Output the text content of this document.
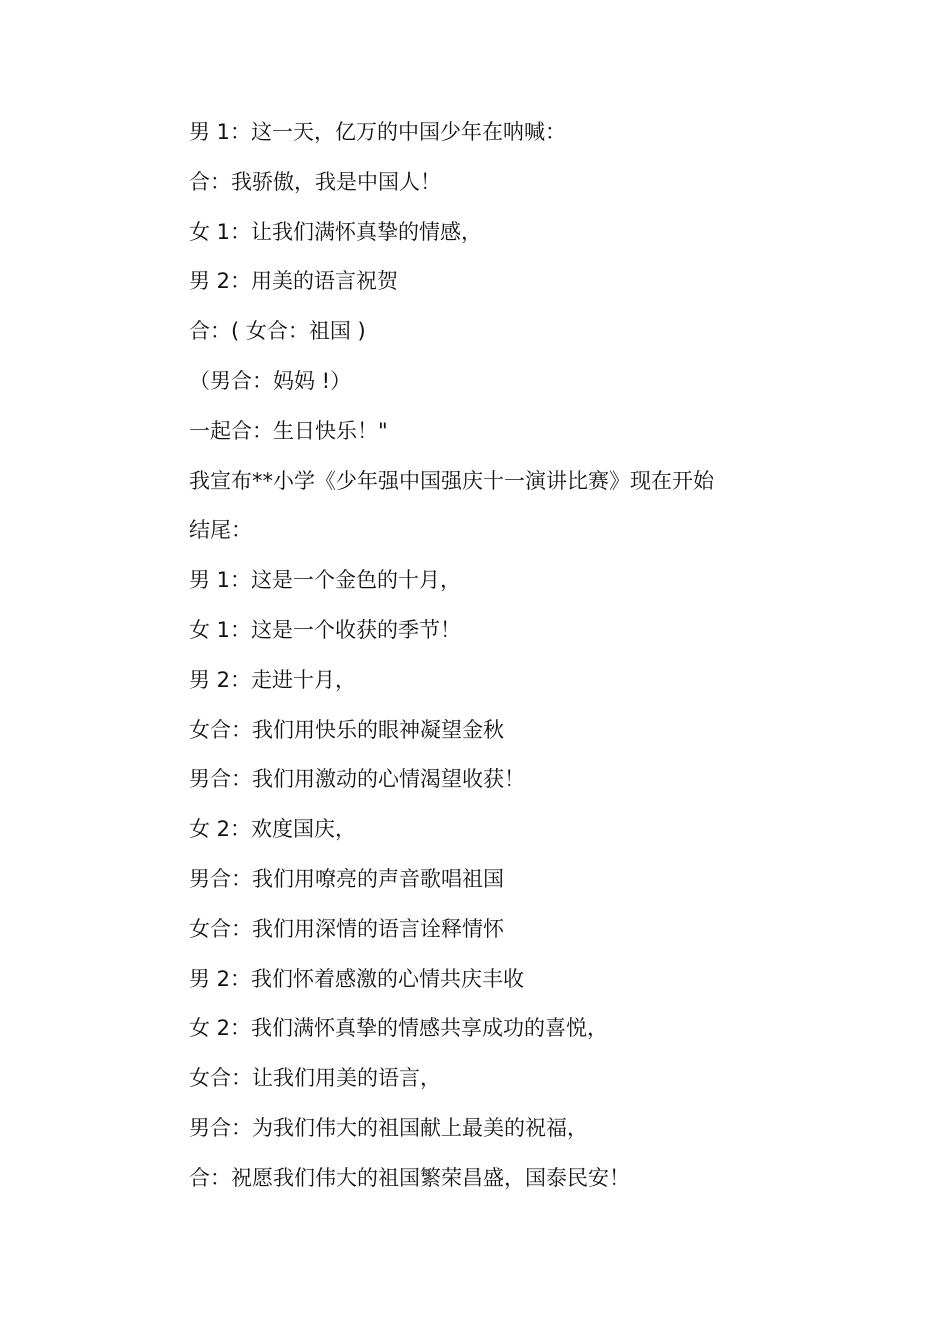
男 1：这一天，亿万的中国少年在呐喊：
合：我骄傲，我是中国人！
女 1：让我们满怀真挚的情感，
男 2：用美的语言祝贺
合：( 女合：祖国 )
（男合：妈妈 !）
一起合：生日快乐！"
我宣布**小学《少年强中国强庆十一演讲比赛》现在开始
结尾：
男 1：这是一个金色的十月，
女 1：这是一个收获的季节！
男 2：走进十月，
女合：我们用快乐的眼神凝望金秋
男合：我们用激动的心情渴望收获！
女 2：欢度国庆，
男合：我们用嘹亮的声音歌唱祖国
女合：我们用深情的语言诠释情怀
男 2：我们怀着感激的心情共庆丰收
女 2：我们满怀真挚的情感共享成功的喜悦，
女合：让我们用美的语言，
男合：为我们伟大的祖国献上最美的祝福，
合：祝愿我们伟大的祖国繁荣昌盛，国泰民安！
